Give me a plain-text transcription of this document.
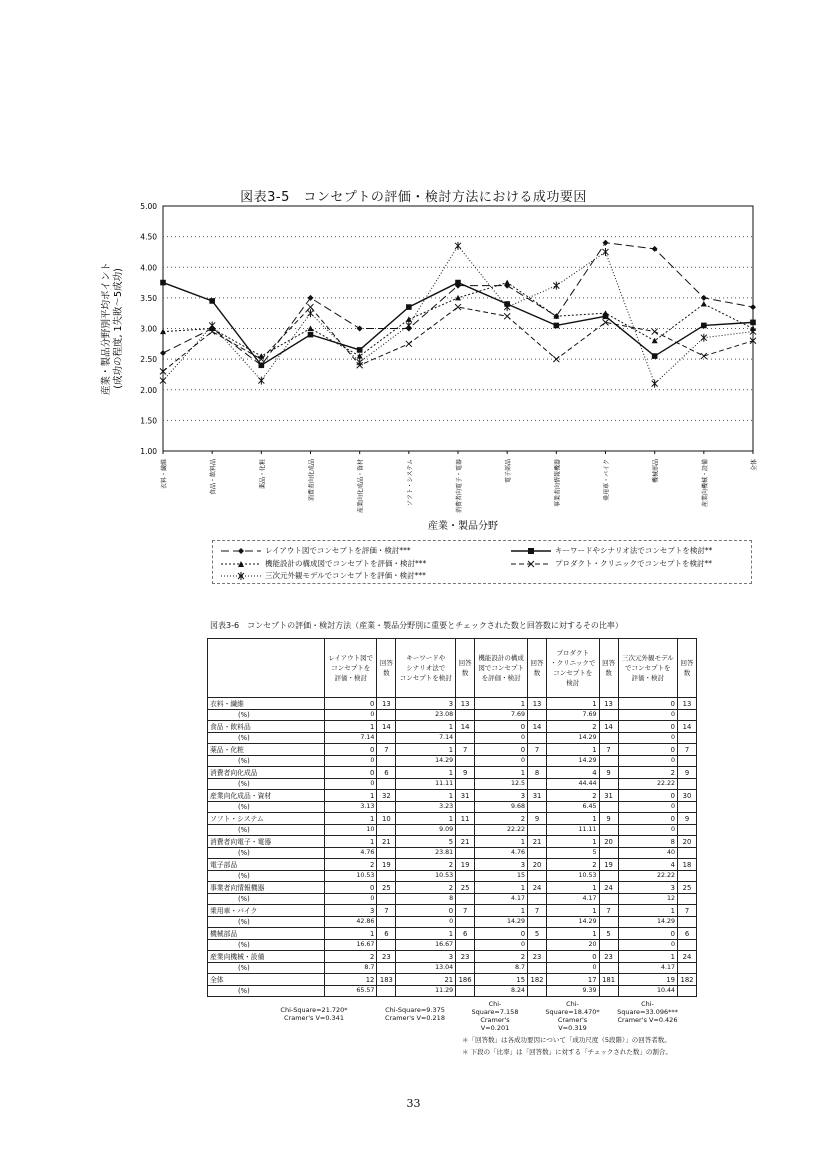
図表3-5　コンセプトの評価・検討方法における成功要因
1.00
1.50
2.00
2.50
3.00
3.50
4.00
4.50
5.00
衣料・繊維	食品・飲料品	薬品・化粧	消費者向化成品	産業向化成品・資材	ソフト・システム	消費者向電子・電器	電子部品	事業者向情報機器	乗用車・バイク	機械部品	産業向機械・設備	全体
産業・製品分野別平均ポイント (成功の程度, 1失敗～5成功)
産業・製品分野
レイアウト図でコンセプトを評価・検討***	キーワードやシナリオ法でコンセプトを検討**
機能設計の構成図でコンセプトを評価・検討***	プロダクト・クリニックでコンセプトを検討**
三次元外観モデルでコンセプトを評価・検討***
図表3-6　コンセプトの評価・検討方法（産業・製品分野別に重要とチェックされた数と回答数に対するその比率）
	レイアウト図で
コンセプトを
評価・検討	回答数	キーワードや
シナリオ法で
コンセプトを検討	回答数	機能設計の構成
図でコンセプト
を評価・検討	回答数	プロダクト
・クリニックで
コンセプトを
検討	回答数	三次元外観モデル
でコンセプトを
評価・検討	回答数
衣料・繊維	0	13	3	13	1	13	1	13	0	13
(%)	0		23.08		7.69		7.69		0	
食品・飲料品	1	14	1	14	0	14	2	14	0	14
(%)	7.14		7.14		0		14.29		0	
薬品・化粧	0	7	1	7	0	7	1	7	0	7
(%)	0		14.29		0		14.29		0	
消費者向化成品	0	6	1	9	1	8	4	9	2	9
(%)	0		11.11		12.5		44.44		22.22	
産業向化成品・資材	1	32	1	31	3	31	2	31	0	30
(%)	3.13		3.23		9.68		6.45		0	
ソフト・システム	1	10	1	11	2	9	1	9	0	9
(%)	10		9.09		22.22		11.11		0	
消費者向電子・電器	1	21	5	21	1	21	1	20	8	20
(%)	4.76		23.81		4.76		5		40	
電子部品	2	19	2	19	3	20	2	19	4	18
(%)	10.53		10.53		15		10.53		22.22	
事業者向情報機器	0	25	2	25	1	24	1	24	3	25
(%)	0		8		4.17		4.17		12	
乗用車・バイク	3	7	0	7	1	7	1	7	1	7
(%)	42.86		0		14.29		14.29		14.29	
機械部品	1	6	1	6	0	5	1	5	0	6
(%)	16.67		16.67		0		20		0	
産業向機械・設備	2	23	3	23	2	23	0	23	1	24
(%)	8.7		13.04		8.7		0		4.17	
全体	12	183	21	186	15	182	17	181	19	182
(%)	65.57		11.29		8.24		9.39		10.44	
Chi-Square=21.720*
Cramer's V=0.341
Chi-Square=9.375
Cramer's V=0.218
Chi-
Square=7.158
Cramer's
V=0.201
Chi-
Square=18.470*
Cramer's
V=0.319
Chi-
Square=33.096***
Cramer's V=0.426
＊「回答数」は各成功要因について「成功尺度（5段階）」の回答者数。
＊ 下段の「比率」は「回答数」に対する「チェックされた数」の割合。
33
